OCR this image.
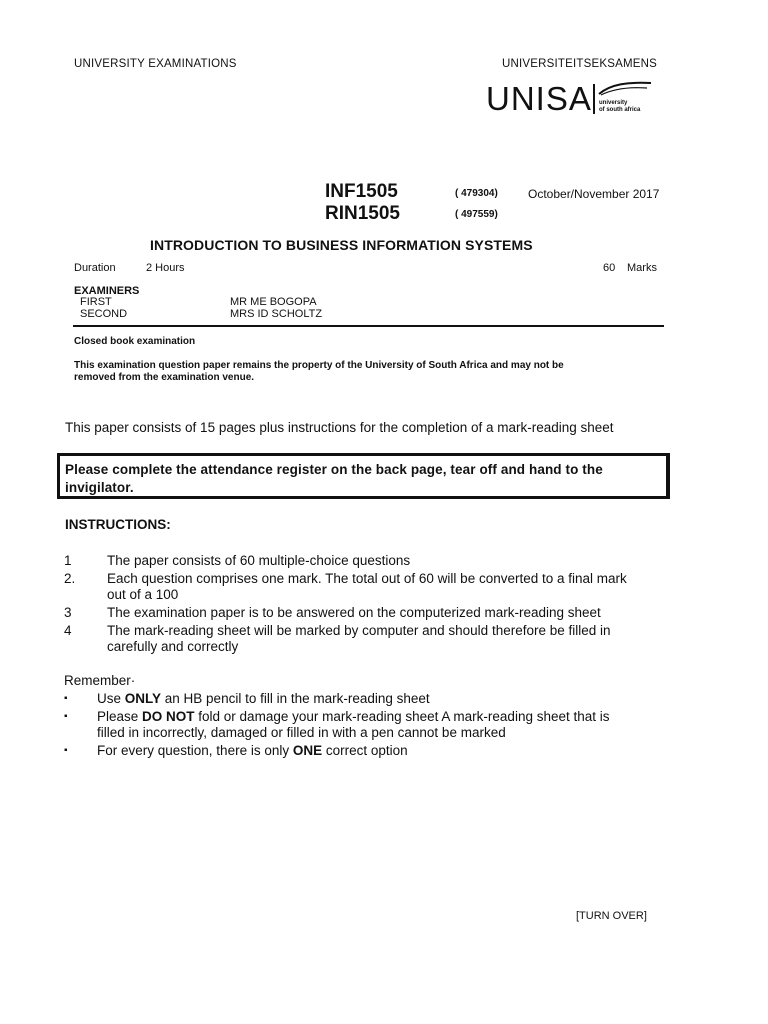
UNIVERSITY EXAMINATIONS	UNIVERSITEITSEKSAMENS
UNISA university
of south africa
INF1505	( 479304)	October/November 2017
RIN1505	( 497559)
INTRODUCTION TO BUSINESS INFORMATION SYSTEMS
Duration	2 Hours	60 Marks
EXAMINERS
FIRST	MR ME BOGOPA
SECOND	MRS ID SCHOLTZ
Closed book examination
This examination question paper remains the property of the University of South Africa and may not be
removed from the examination venue.
This paper consists of 15 pages plus instructions for the completion of a mark-reading sheet
Please complete the attendance register on the back page, tear off and hand to the
invigilator.
INSTRUCTIONS:
1	The paper consists of 60 multiple-choice questions
2. Each question comprises one mark. The total out of 60 will be converted to a final mark
out of a 100
3	The examination paper is to be answered on the computerized mark-reading sheet
4	The mark-reading sheet will be marked by computer and should therefore be filled in
carefully and correctly
Remember·
▪ Use ONLY an HB pencil to fill in the mark-reading sheet
▪ Please DO NOT fold or damage your mark-reading sheet A mark-reading sheet that is
filled in incorrectly, damaged or filled in with a pen cannot be marked
▪ For every question, there is only ONE correct option
[TURN OVER]
